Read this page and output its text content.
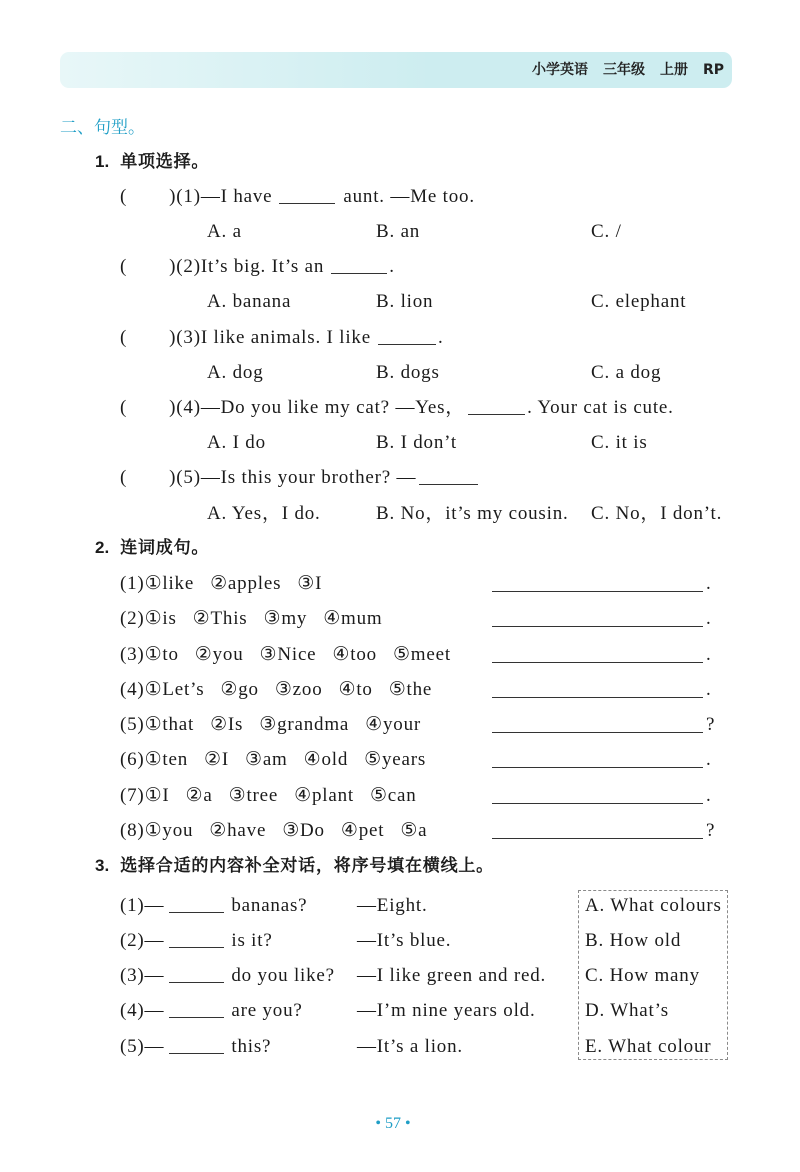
小学英语 三年级 上册 RP
二、句型。
1. 单项选择。
( )(1)—I have	aunt. —Me too.
A. a	B. an	C. /
( )(2)It’s big. It’s an	.
A. banana	B. lion	C. elephant
( )(3)I like animals. I like	.
A. dog	B. dogs	C. a dog
( )(4)—Do you like my cat? —Yes，	. Your cat is cute.
A. I do	B. I don’t	C. it is
( )(5)—Is this your brother? —
A. Yes，I do.	B. No，it’s my cousin. C. No，I don’t.
2. 连词成句。
(1)①like ②apples ③I	.
(2)①is ②This ③my ④mum	.
(3)①to ②you ③Nice ④too ⑤meet	.
(4)①Let’s ②go ③zoo ④to ⑤the	.
(5)①that ②Is ③grandma ④your	?
(6)①ten ②I ③am ④old ⑤years	.
(7)①I ②a ③tree ④plant ⑤can	.
(8)①you ②have ③Do ④pet ⑤a	?
3. 选择合适的内容补全对话，将序号填在横线上。
(1)—	bananas?	—Eight.
(2)—	is it?	—It’s blue.
(3)—	do you like? —I like green and red.
(4)—	are you?	—I’m nine years old.
(5)—	this?	—It’s a lion.
A. What colours
B. How old
C. How many
D. What’s
E. What colour
• 57 •
